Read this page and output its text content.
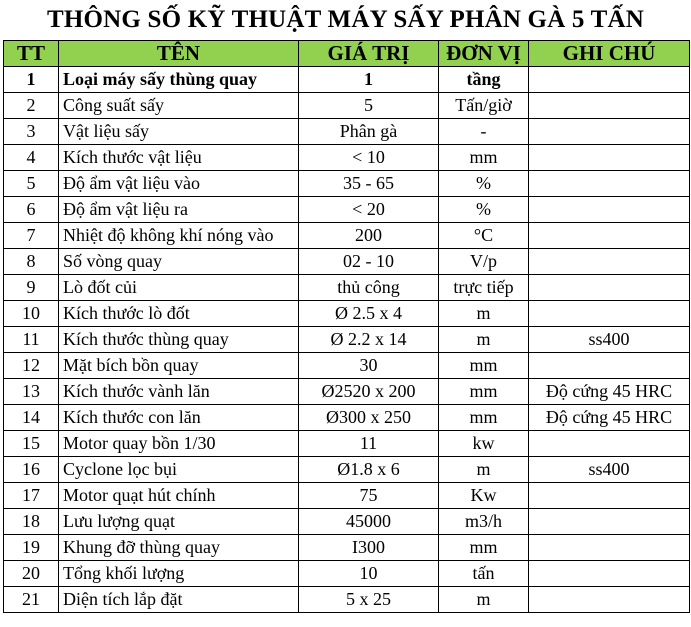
THÔNG SỐ KỸ THUẬT MÁY SẤY PHÂN GÀ 5 TẤN
TT	TÊN	GIÁ TRỊ	ĐƠN VỊ	GHI CHÚ
1	Loại máy sấy thùng quay	1	tầng	
2	Công suất sấy	5	Tấn/giờ	
3	Vật liệu sấy	Phân gà	-	
4	Kích thước vật liệu	< 10	mm	
5	Độ ẩm vật liệu vào	35 - 65	%	
6	Độ ẩm vật liệu ra	< 20	%	
7	Nhiệt độ không khí nóng vào	200	°C	
8	Số vòng quay	02 - 10	V/p	
9	Lò đốt củi	thủ công	trực tiếp	
10	Kích thước lò đốt	Ø 2.5 x 4	m	
11	Kích thước thùng quay	Ø 2.2 x 14	m	ss400
12	Mặt bích bồn quay	30	mm	
13	Kích thước vành lăn	Ø2520 x 200	mm	Độ cứng 45 HRC
14	Kích thước con lăn	Ø300 x 250	mm	Độ cứng 45 HRC
15	Motor quay bồn 1/30	11	kw	
16	Cyclone lọc bụi	Ø1.8 x 6	m	ss400
17	Motor quạt hút chính	75	Kw	
18	Lưu lượng quạt	45000	m3/h	
19	Khung đỡ thùng quay	I300	mm	
20	Tổng khối lượng	10	tấn	
21	Diện tích lắp đặt	5 x 25	m	
